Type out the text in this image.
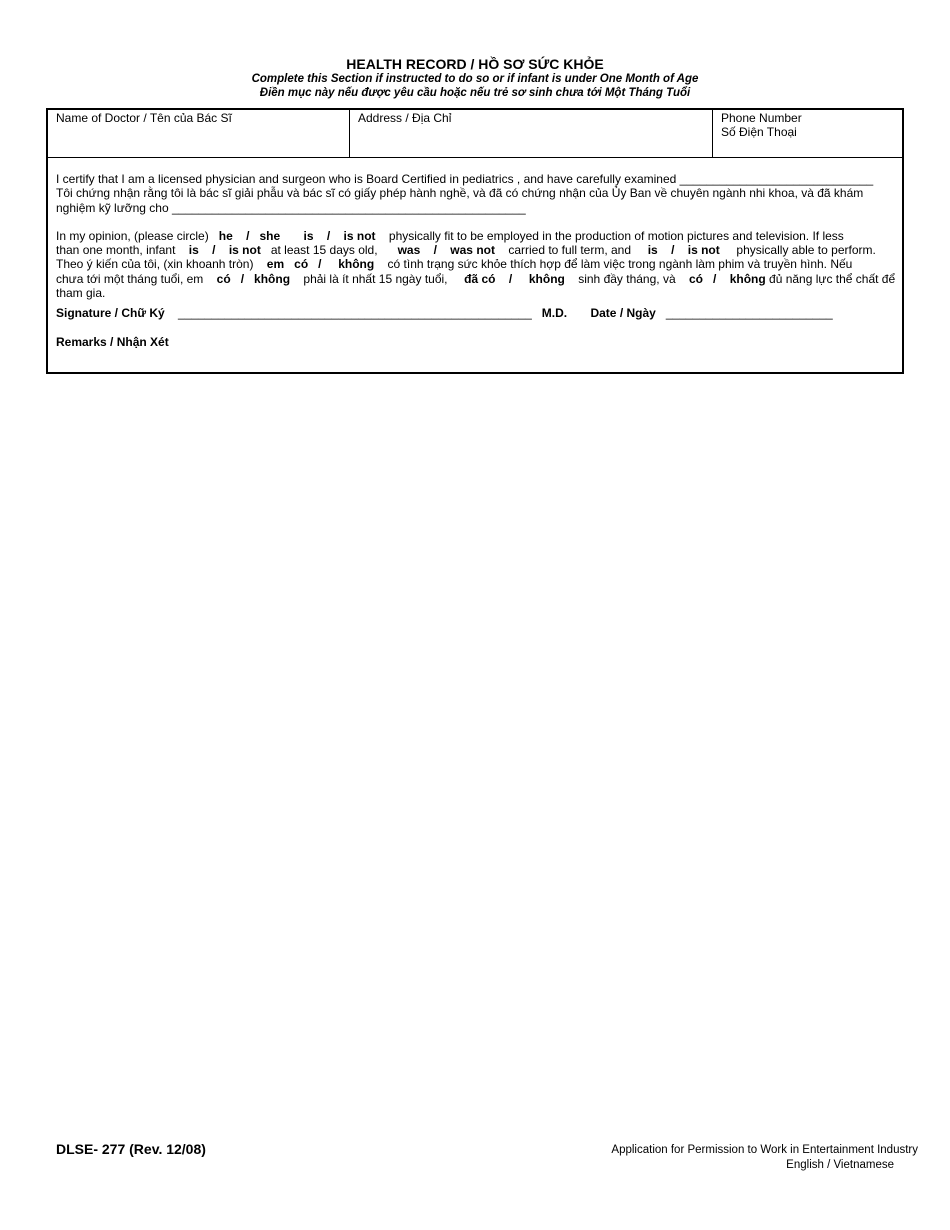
HEALTH RECORD / HỒ SƠ SỨC KHỎE
Complete this Section if instructed to do so or if infant is under One Month of Age
Điền mục này nếu được yêu cầu hoặc nếu trẻ sơ sinh chưa tới Một Tháng Tuổi
Name of Doctor / Tên của Bác Sĩ	Address / Địa Chỉ	Phone Number
Số Điện Thoại
I certify that I am a licensed physician and surgeon who is Board Certified in pediatrics , and have carefully examined _____________________________
Tôi chứng nhận rằng tôi là bác sĩ giải phẫu và bác sĩ có giấy phép hành nghề, và đã có chứng nhận của Ủy Ban về chuyên ngành nhi khoa, và đã khám
nghiệm kỹ lưỡng cho _____________________________________________________
In my opinion, (please circle) he / she is / is not physically fit to be employed in the production of motion pictures and television. If less
than one month, infant is / is not at least 15 days old, was / was not carried to full term, and is / is not physically able to perform.
Theo ý kiến của tôi, (xin khoanh tròn) em có / không có tình trạng sức khỏe thích hợp để làm việc trong ngành làm phim và truyền hình. Nếu
chưa tới một tháng tuổi, em có / không phải là ít nhất 15 ngày tuổi, đã có / không sinh đầy tháng, và có / không đủ năng lực thể chất để
tham gia.
Signature / Chữ Ký _____________________________________________________ M.D. Date / Ngày _________________________
Remarks / Nhận Xét
DLSE- 277 (Rev. 12/08)	Application for Permission to Work in Entertainment Industry
English / Vietnamese
